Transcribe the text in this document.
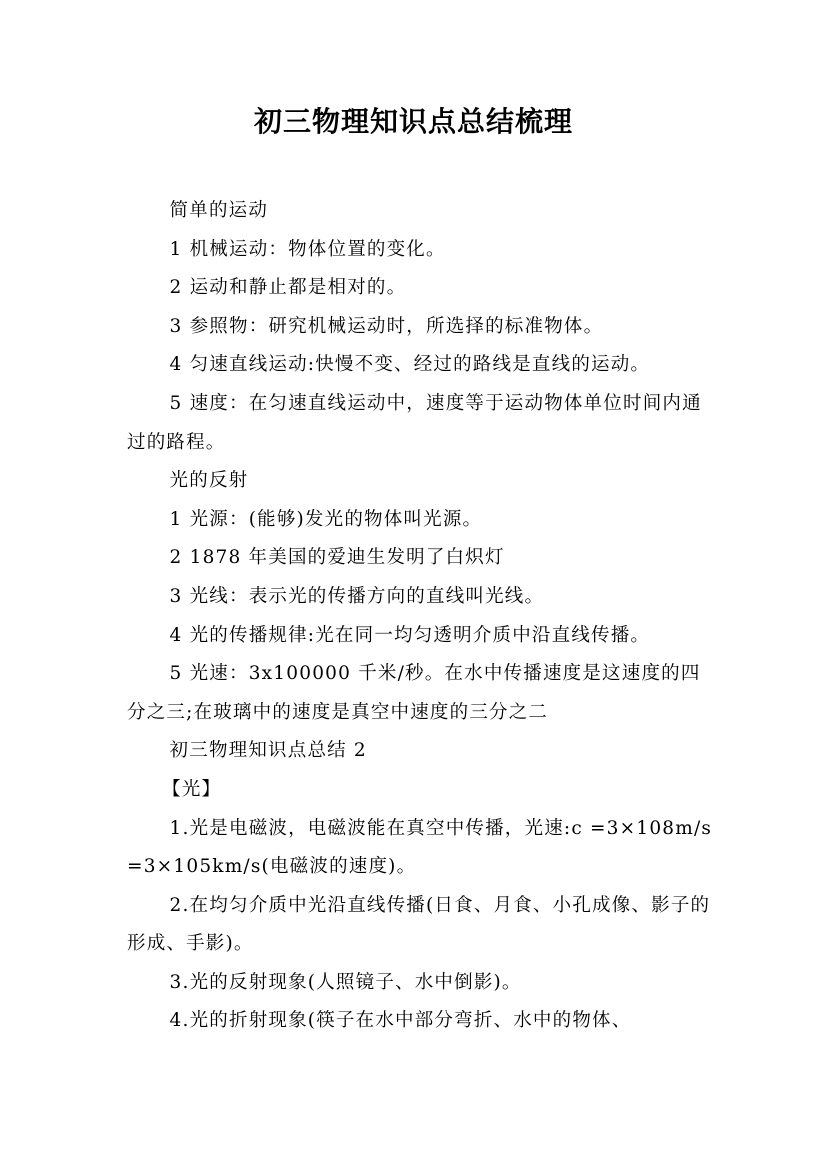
初三物理知识点总结梳理

简单的运动

1 机械运动：物体位置的变化。

2 运动和静止都是相对的。

3 参照物：研究机械运动时，所选择的标准物体。

4 匀速直线运动:快慢不变、经过的路线是直线的运动。

5 速度：在匀速直线运动中，速度等于运动物体单位时间内通过的路程。

光的反射

1 光源：(能够)发光的物体叫光源。

2 1878 年美国的爱迪生发明了白炽灯

3 光线：表示光的传播方向的直线叫光线。

4 光的传播规律:光在同一均匀透明介质中沿直线传播。

5 光速：3x100000 千米/秒。在水中传播速度是这速度的四分之三;在玻璃中的速度是真空中速度的三分之二

初三物理知识点总结 2

【光】

1.光是电磁波，电磁波能在真空中传播，光速:c =3×108m/s =3×105km/s(电磁波的速度)。

2.在均匀介质中光沿直线传播(日食、月食、小孔成像、影子的形成、手影)。

3.光的反射现象(人照镜子、水中倒影)。

4.光的折射现象(筷子在水中部分弯折、水中的物体、
